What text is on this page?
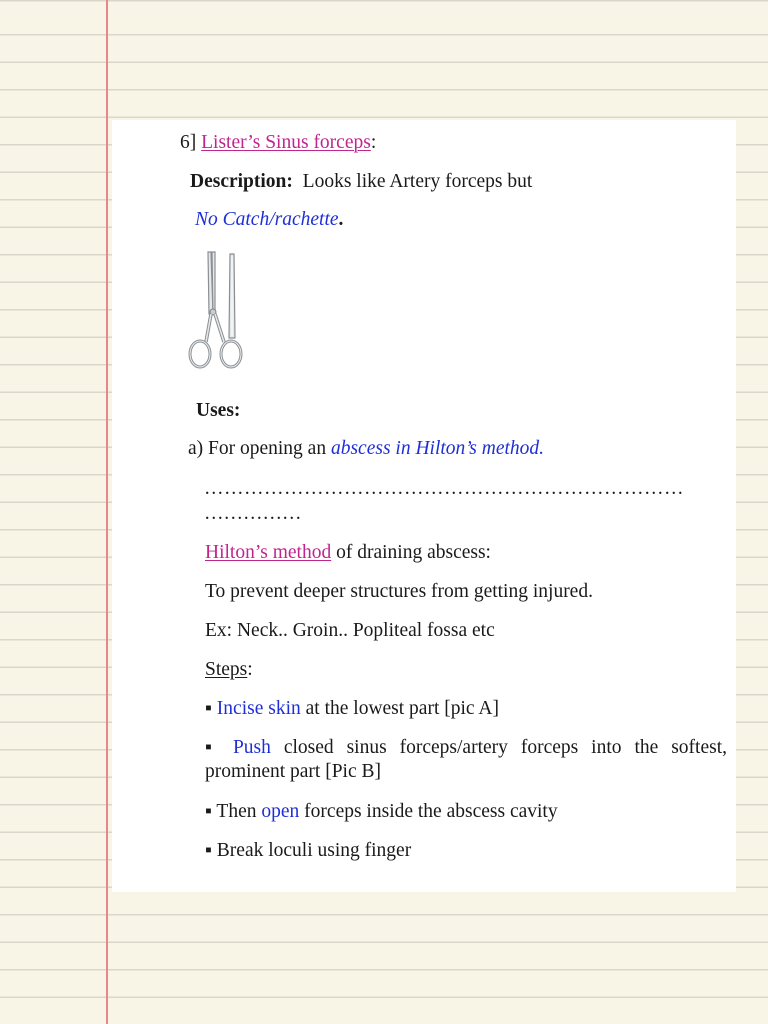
6] Lister’s Sinus forceps:
Description: Looks like Artery forceps but
No Catch/rachette.
Uses:
a) For opening an abscess in Hilton’s method.
………………………………………………………………
……………
Hilton’s method of draining abscess:
To prevent deeper structures from getting injured.
Ex: Neck.. Groin.. Popliteal fossa etc
Steps:
▪ Incise skin at the lowest part [pic A]
▪ Push closed sinus forceps/artery forceps into the softest, prominent part [Pic B]
▪ Then open forceps inside the abscess cavity
▪ Break loculi using finger
